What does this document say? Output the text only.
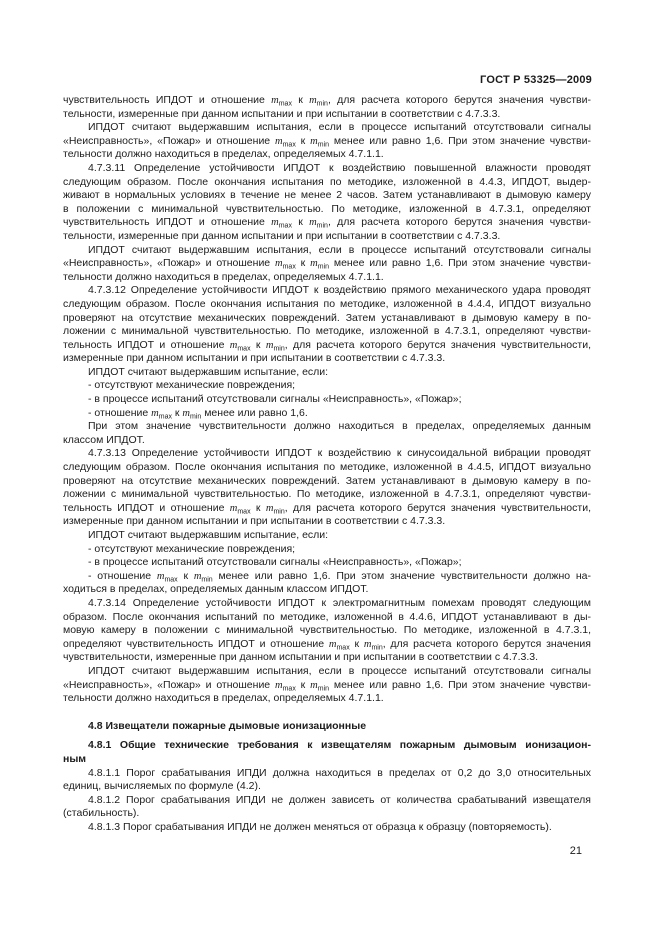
ГОСТ Р 53325—2009
чувствительность ИПДОТ и отношение $m_{max}$ к $m_{min}$, для расчета которого берутся значения чувстви-
тельности, измеренные при данном испытании и при испытании в соответствии с 4.7.3.3.
ИПДОТ считают выдержавшим испытания, если в процессе испытаний отсутствовали сигналы
«Неисправность», «Пожар» и отношение $m_{max}$ к $m_{min}$ менее или равно 1,6. При этом значение чувстви-
тельности должно находиться в пределах, определяемых 4.7.1.1.
4.7.3.11 Определение устойчивости ИПДОТ к воздействию повышенной влажности проводят
следующим образом. После окончания испытания по методике, изложенной в 4.4.3, ИПДОТ, выдер-
живают в нормальных условиях в течение не менее 2 часов. Затем устанавливают в дымовую камеру
в положении с минимальной чувствительностью. По методике, изложенной в 4.7.3.1, определяют
чувствительность ИПДОТ и отношение $m_{max}$ к $m_{min}$, для расчета которого берутся значения чувстви-
тельности, измеренные при данном испытании и при испытании в соответствии с 4.7.3.3.
ИПДОТ считают выдержавшим испытания, если в процессе испытаний отсутствовали сигналы
«Неисправность», «Пожар» и отношение $m_{max}$ к $m_{min}$ менее или равно 1,6. При этом значение чувстви-
тельности должно находиться в пределах, определяемых 4.7.1.1.
4.7.3.12 Определение устойчивости ИПДОТ к воздействию прямого механического удара проводят
следующим образом. После окончания испытания по методике, изложенной в 4.4.4, ИПДОТ визуально
проверяют на отсутствие механических повреждений. Затем устанавливают в дымовую камеру в по-
ложении с минимальной чувствительностью. По методике, изложенной в 4.7.3.1, определяют чувстви-
тельность ИПДОТ и отношение $m_{max}$ к $m_{min}$, для расчета которого берутся значения чувствительности,
измеренные при данном испытании и при испытании в соответствии с 4.7.3.3.
ИПДОТ считают выдержавшим испытание, если:
- отсутствуют механические повреждения;
- в процессе испытаний отсутствовали сигналы «Неисправность», «Пожар»;
- отношение $m_{max}$ к $m_{min}$ менее или равно 1,6.
При этом значение чувствительности должно находиться в пределах, определяемых данным
классом ИПДОТ.
4.7.3.13 Определение устойчивости ИПДОТ к воздействию к синусоидальной вибрации проводят
следующим образом. После окончания испытания по методике, изложенной в 4.4.5, ИПДОТ визуально
проверяют на отсутствие механических повреждений. Затем устанавливают в дымовую камеру в по-
ложении с минимальной чувствительностью. По методике, изложенной в 4.7.3.1, определяют чувстви-
тельность ИПДОТ и отношение $m_{max}$ к $m_{min}$, для расчета которого берутся значения чувствительности,
измеренные при данном испытании и при испытании в соответствии с 4.7.3.3.
ИПДОТ считают выдержавшим испытание, если:
- отсутствуют механические повреждения;
- в процессе испытаний отсутствовали сигналы «Неисправность», «Пожар»;
- отношение $m_{max}$ к $m_{min}$ менее или равно 1,6. При этом значение чувствительности должно на-
ходиться в пределах, определяемых данным классом ИПДОТ.
4.7.3.14 Определение устойчивости ИПДОТ к электромагнитным помехам проводят следующим
образом. После окончания испытаний по методике, изложенной в 4.4.6, ИПДОТ устанавливают в ды-
мовую камеру в положении с минимальной чувствительностью. По методике, изложенной в 4.7.3.1,
определяют чувствительность ИПДОТ и отношение $m_{max}$ к $m_{min}$, для расчета которого берутся значения
чувствительности, измеренные при данном испытании и при испытании в соответствии с 4.7.3.3.
ИПДОТ считают выдержавшим испытания, если в процессе испытаний отсутствовали сигналы
«Неисправность», «Пожар» и отношение $m_{max}$ к $m_{min}$ менее или равно 1,6. При этом значение чувстви-
тельности должно находиться в пределах, определяемых 4.7.1.1.
4.8 Извещатели пожарные дымовые ионизационные
4.8.1 Общие технические требования к извещателям пожарным дымовым ионизацион-
ным
4.8.1.1 Порог срабатывания ИПДИ должна находиться в пределах от 0,2 до 3,0 относительных
единиц, вычисляемых по формуле (4.2).
4.8.1.2 Порог срабатывания ИПДИ не должен зависеть от количества срабатываний извещателя
(стабильность).
4.8.1.3 Порог срабатывания ИПДИ не должен меняться от образца к образцу (повторяемость).
21
